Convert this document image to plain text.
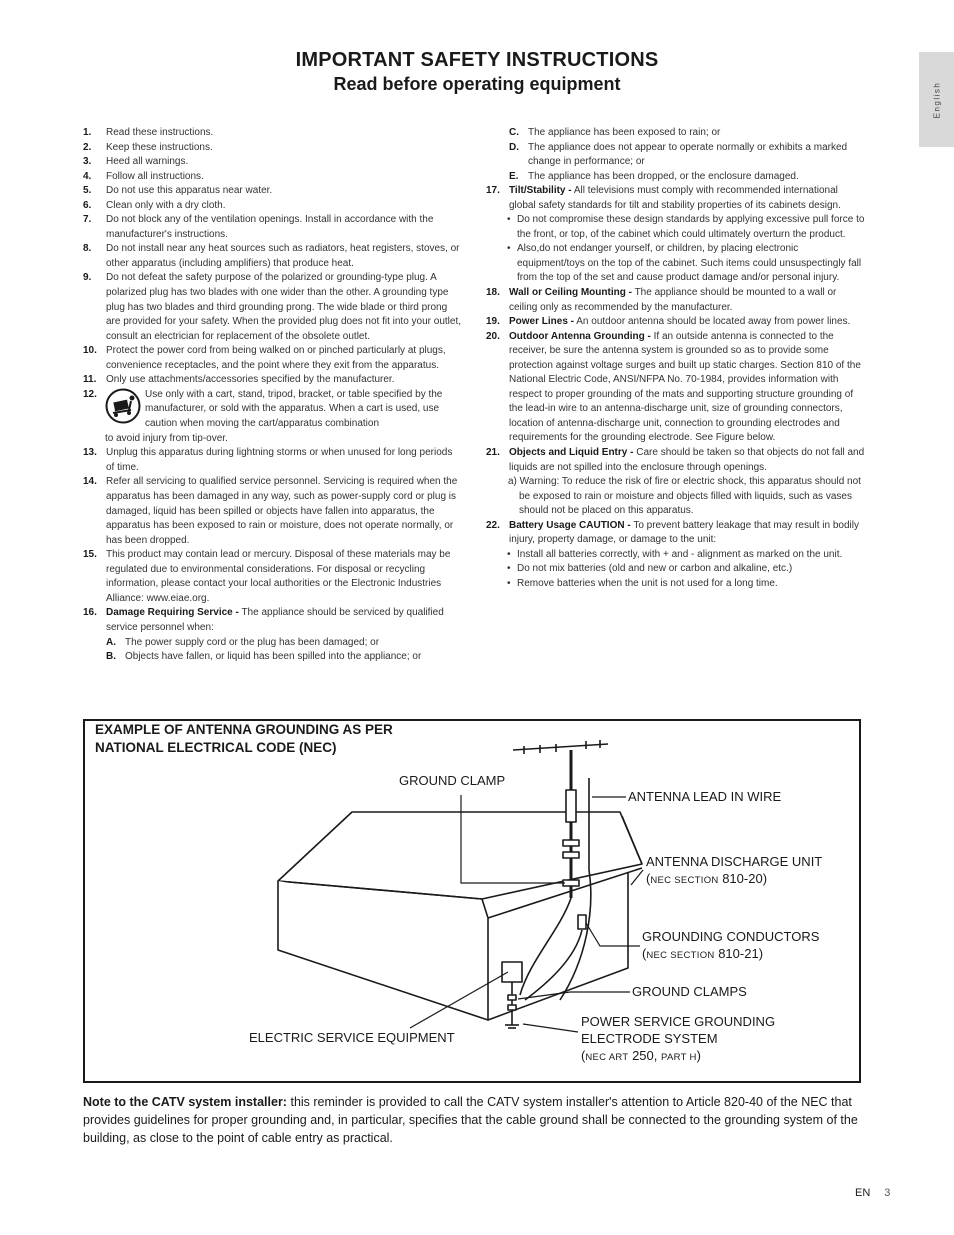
English
IMPORTANT SAFETY INSTRUCTIONS
Read before operating equipment
1. Read these instructions.
2. Keep these instructions.
3. Heed all warnings.
4. Follow all instructions.
5. Do not use this apparatus near water.
6. Clean only with a dry cloth.
7. Do not block any of the ventilation openings. Install in accordance with the manufacturer's instructions.
8. Do not install near any heat sources such as radiators, heat registers, stoves, or other apparatus (including amplifiers) that produce heat.
9. Do not defeat the safety purpose of the polarized or grounding-type plug. A polarized plug has two blades with one wider than the other. A grounding type plug has two blades and third grounding prong. The wide blade or third prong are provided for your safety. When the provided plug does not fit into your outlet, consult an electrician for replacement of the obsolete outlet.
10. Protect the power cord from being walked on or pinched particularly at plugs, convenience receptacles, and the point where they exit from the apparatus.
11. Only use attachments/accessories specified by the manufacturer.
12.	Use only with a cart, stand, tripod, bracket, or table specified by the manufacturer, or sold with the apparatus. When a cart is used, use caution when moving the cart/apparatus combination
to avoid injury from tip-over.
13. Unplug this apparatus during lightning storms or when unused for long periods of time.
14. Refer all servicing to qualified service personnel. Servicing is required when the apparatus has been damaged in any way, such as power-supply cord or plug is damaged, liquid has been spilled or objects have fallen into apparatus, the apparatus has been exposed to rain or moisture, does not operate normally, or has been dropped.
15. This product may contain lead or mercury. Disposal of these materials may be regulated due to environmental considerations. For disposal or recycling information, please contact your local authorities or the Electronic Industries Alliance: www.eiae.org.
16. Damage Requiring Service - The appliance should be serviced by qualified service personnel when:
A. The power supply cord or the plug has been damaged; or
B. Objects have fallen, or liquid has been spilled into the appliance; or
C. The appliance has been exposed to rain; or
D. The appliance does not appear to operate normally or exhibits a marked change in performance; or
E. The appliance has been dropped, or the enclosure damaged.
17. Tilt/Stability - All televisions must comply with recommended international global safety standards for tilt and stability properties of its cabinets design.
• Do not compromise these design standards by applying excessive pull force to the front, or top, of the cabinet which could ultimately overturn the product.
• Also,do not endanger yourself, or children, by placing electronic equipment/toys on the top of the cabinet. Such items could unsuspectingly fall from the top of the set and cause product damage and/or personal injury.
18. Wall or Ceiling Mounting - The appliance should be mounted to a wall or ceiling only as recommended by the manufacturer.
19. Power Lines - An outdoor antenna should be located away from power lines.
20. Outdoor Antenna Grounding - If an outside antenna is connected to the receiver, be sure the antenna system is grounded so as to provide some protection against voltage surges and built up static charges. Section 810 of the National Electric Code, ANSI/NFPA No. 70-1984, provides information with respect to proper grounding of the mats and supporting structure grounding of the lead-in wire to an antenna-discharge unit, size of grounding connectors, location of antenna-discharge unit, connection to grounding electrodes and requirements for the grounding electrode. See Figure below.
21. Objects and Liquid Entry - Care should be taken so that objects do not fall and liquids are not spilled into the enclosure through openings.
a) Warning: To reduce the risk of fire or electric shock, this apparatus should not be exposed to rain or moisture and objects filled with liquids, such as vases should not be placed on this apparatus.
22. Battery Usage CAUTION - To prevent battery leakage that may result in bodily injury, property damage, or damage to the unit:
• Install all batteries correctly, with + and - alignment as marked on the unit.
• Do not mix batteries (old and new or carbon and alkaline, etc.)
• Remove batteries when the unit is not used for a long time.
EXAMPLE OF ANTENNA GROUNDING AS PER
NATIONAL ELECTRICAL CODE (NEC)
GROUND CLAMP
ANTENNA LEAD IN WIRE
ANTENNA DISCHARGE UNIT
(NEC SECTION 810-20)
GROUNDING CONDUCTORS
(NEC SECTION 810-21)
GROUND CLAMPS
ELECTRIC SERVICE EQUIPMENT
POWER SERVICE GROUNDING
ELECTRODE SYSTEM
(NEC ART 250, PART H)
Note to the CATV system installer: this reminder is provided to call the CATV system installer's attention to Article 820-40 of the NEC that provides guidelines for proper grounding and, in particular, specifies that the cable ground shall be connected to the grounding system of the building, as close to the point of cable entry as practical.
EN 3
